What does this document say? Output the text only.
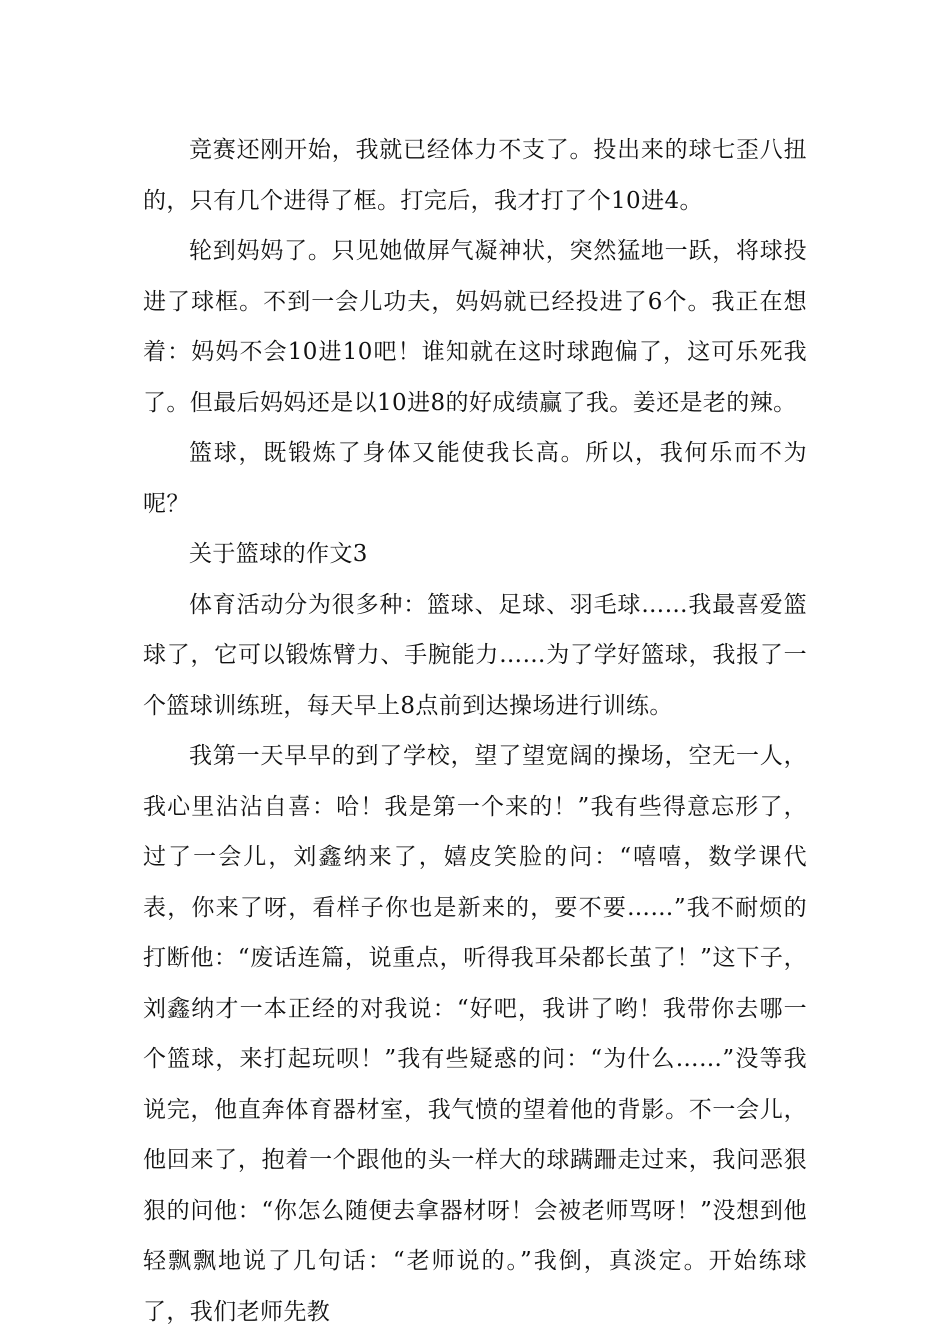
竞赛还刚开始，我就已经体力不支了。投出来的球七歪八扭的，只有几个进得了框。打完后，我才打了个10进4。

轮到妈妈了。只见她做屏气凝神状，突然猛地一跃，将球投进了球框。不到一会儿功夫，妈妈就已经投进了6个。我正在想着：妈妈不会10进10吧！谁知就在这时球跑偏了，这可乐死我了。但最后妈妈还是以10进8的好成绩赢了我。姜还是老的辣。

篮球，既锻炼了身体又能使我长高。所以，我何乐而不为呢？

关于篮球的作文3

体育活动分为很多种：篮球、足球、羽毛球……我最喜爱篮球了，它可以锻炼臂力、手腕能力……为了学好篮球，我报了一个篮球训练班，每天早上8点前到达操场进行训练。

我第一天早早的到了学校，望了望宽阔的操场，空无一人，我心里沾沾自喜：哈！我是第一个来的！”我有些得意忘形了，过了一会儿，刘鑫纳来了，嬉皮笑脸的问：“嘻嘻，数学课代表，你来了呀，看样子你也是新来的，要不要……”我不耐烦的打断他：“废话连篇，说重点，听得我耳朵都长茧了！”这下子，刘鑫纳才一本正经的对我说：“好吧，我讲了哟！我带你去哪一个篮球，来打起玩呗！”我有些疑惑的问：“为什么……”没等我说完，他直奔体育器材室，我气愤的望着他的背影。不一会儿，他回来了，抱着一个跟他的头一样大的球蹒跚走过来，我问恶狠狠的问他：“你怎么随便去拿器材呀！会被老师骂呀！”没想到他轻飘飘地说了几句话：“老师说的。”我倒，真淡定。开始练球了，我们老师先教
